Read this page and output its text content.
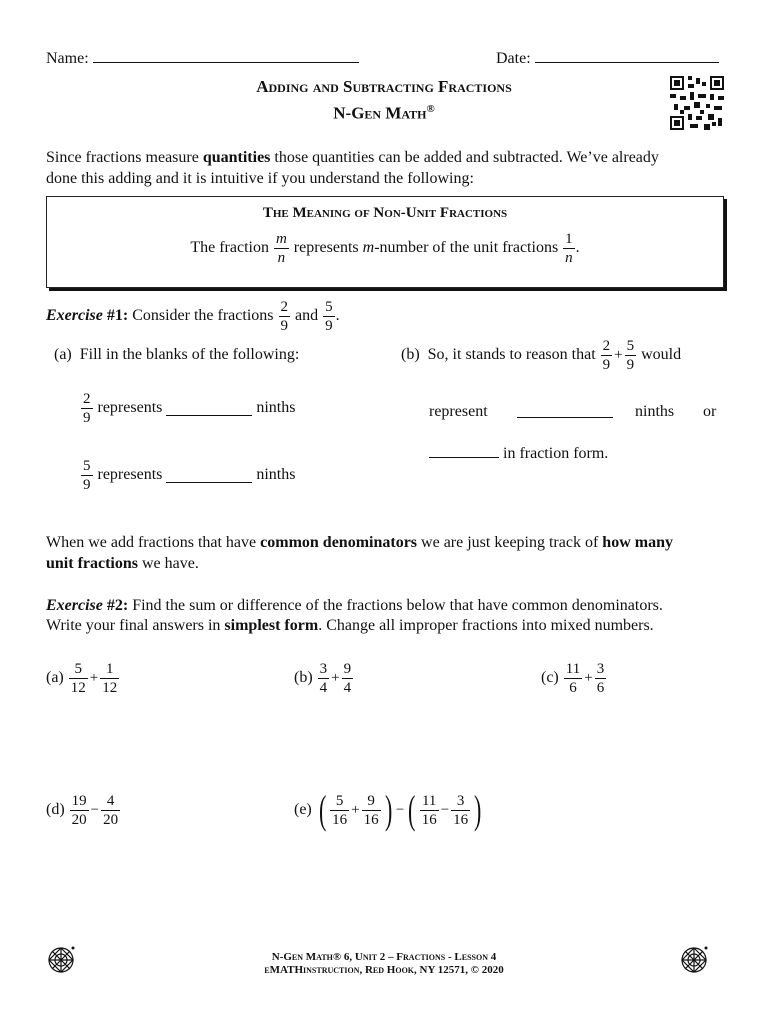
Name:	Date:
Adding and Subtracting Fractions
N-Gen Math®
Since fractions measure quantities those quantities can be added and subtracted. We’ve already
done this adding and it is intuitive if you understand the following:
The Meaning of Non-Unit Fractions
The fraction $\frac{m}{n}$ represents m-number of the unit fractions $\frac{1}{n}$ .
Exercise
#1:
Consider the fractions
$\frac{2}{9}$
and
$\frac{5}{9}$ .
(a) Fill in the blanks of the following:
$\frac{2}{9}$
represents

	ninths
$\frac{5}{9}$
represents

	ninths
(b)
So, it stands to reason that
$\frac{2}{9} + \frac{5}{9}$
would
represent	ninths or
in fraction form.
When we add fractions that have common denominators we are just keeping track of how many
unit fractions we have.
Exercise #2: Find the sum or difference of the fractions below that have common denominators.
Write your final answers in simplest form. Change all improper fractions into mixed numbers.
(a)
$\frac{5}{12} + \frac{1}{12}$	(b)
$\frac{3}{4} + \frac{9}{4}$	(c)
$\frac{11}{6} + \frac{3}{6}$
(d)
$\frac{19}{20} - \frac{4}{20}$	(e)
( $\frac{5}{16} + \frac{9}{16}$ ) − ( $\frac{11}{16} - \frac{3}{16}$ )
N-Gen Math® 6, Unit 2 – Fractions - Lesson 4
eMATHinstruction, Red Hook, NY 12571, © 2020
